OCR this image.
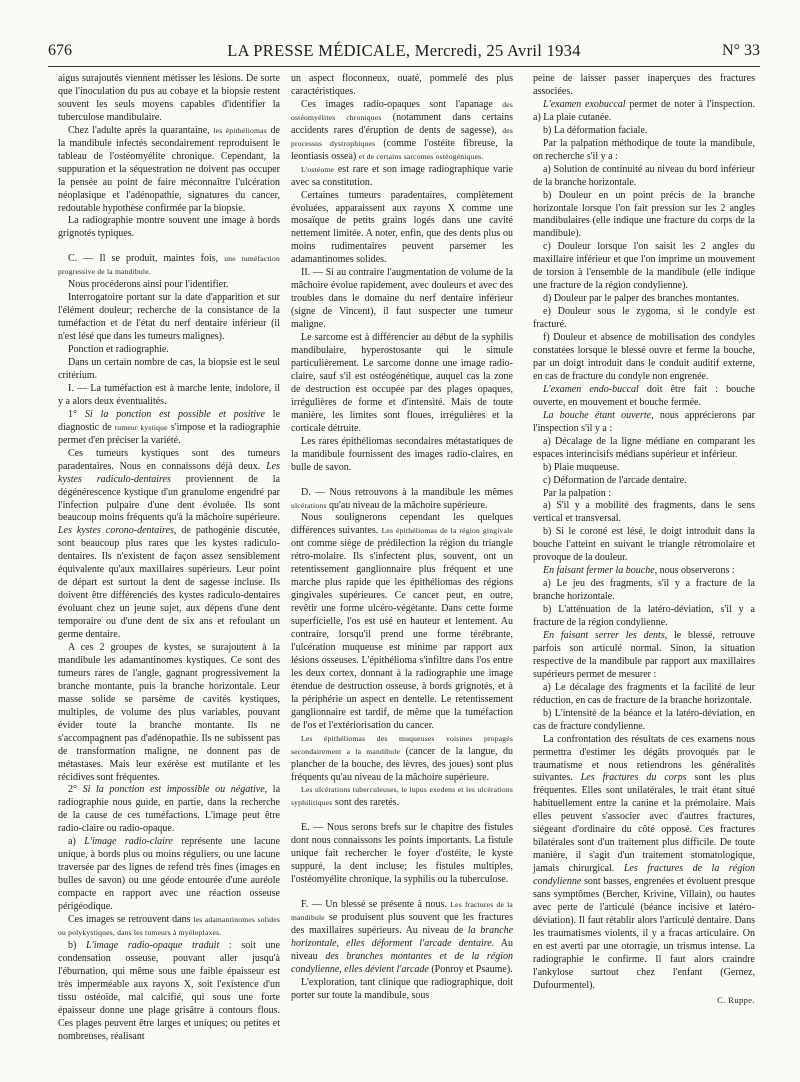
676	LA PRESSE MÉDICALE, Mercredi, 25 Avril 1934	N° 33

aigus surajoutés viennent métisser les lésions. De sorte que l'inoculation du pus au cobaye et la biopsie restent souvent les seuls moyens capables d'identifier la tuberculose mandibulaire.

Chez l'adulte après la quarantaine, les épithéliomas de la mandibule infectés secondairement reproduisent le tableau de l'ostéomyélite chronique. Cependant, la suppuration et la séquestration ne doivent pas occuper la pensée au point de faire méconnaître l'ulcération néoplasique et l'adénopathie, signatures du cancer, redoutable hypothèse confirmée par la biopsie.

La radiographie montre souvent une image à bords grignotés typiques.

C. — Il se produit, maintes fois, une tuméfaction progressive de la mandibule.

Nous procéderons ainsi pour l'identifier.

Interrogatoire portant sur la date d'apparition et sur l'élément douleur; recherche de la consistance de la tuméfaction et de l'état du nerf dentaire inférieur (il n'est lésé que dans les tumeurs malignes).

Ponction et radiographie.

Dans un certain nombre de cas, la biopsie est le seul critérium.

I. — La tuméfaction est à marche lente, indolore, il y a alors deux éventualités.

1° Si la ponction est possible et positive le diagnostic de tumeur kystique s'impose et la radiographie permet d'en préciser la variété.

Ces tumeurs kystiques sont des tumeurs paradentaires. Nous en connaissons déjà deux. Les kystes radiculo-dentaires proviennent de la dégénérescence kystique d'un granulome engendré par l'infection pulpaire d'une dent évoluée. Ils sont beaucoup moins fréquents qu'à la mâchoire supérieure. Les kystes corono-dentaires, de pathogénie discutée, sont beaucoup plus rares que les kystes radiculo-dentaires. Ils n'existent de façon assez sensiblement équivalente qu'aux maxillaires supérieurs. Leur point de départ est surtout la dent de sagesse incluse. Ils doivent être différenciés des kystes radiculo-dentaires évoluant chez un jeune sujet, aux dépens d'une dent temporaire ou d'une dent de six ans et refoulant un germe dentaire.

A ces 2 groupes de kystes, se surajoutent à la mandibule les adamantinomes kystiques. Ce sont des tumeurs rares de l'angle, gagnant progressivement la branche montante, puis la branche horizontale. Leur masse solide se parsème de cavités kystiques, multiples, de volume des plus variables, pouvant évider toute la branche montante. Ils ne s'accompagnent pas d'adénopathie. Ils ne subissent pas de transformation maligne, ne donnent pas de métastases. Mais leur exérèse est mutilante et les récidives sont fréquentes.

2° Si la ponction est impossible ou négative, la radiographie nous guide, en partie, dans la recherche de la cause de ces tuméfactions. L'image peut être radio-claire ou radio-opaque.

a) L'image radio-claire représente une lacune unique, à bords plus ou moins réguliers, ou une lacune traversée par des lignes de refend très fines (images en bulles de savon) ou une géode entourée d'une auréole compacte en rapport avec une réaction osseuse périgéodique.

Ces images se retrouvent dans les adamantinomes solides ou polykystiques, dans les tumeurs à myéloplaxes.

b) L'image radio-opaque traduit : soit une condensation osseuse, pouvant aller jusqu'à l'éburnation, qui même sous une faible épaisseur est très imperméable aux rayons X, soit l'existence d'un tissu ostéoïde, mal calcifié, qui sous une forte épaisseur donne une plage grisâtre à contours flous. Ces plages peuvent être larges et uniques; ou petites et nombreuses, réalisant

un aspect floconneux, ouaté, pommelé des plus caractéristiques.

Ces images radio-opaques sont l'apanage des ostéomyélites chroniques (notamment dans certains accidents rares d'éruption de dents de sagesse), des processus dystrophiques (comme l'ostéite fibreuse, la leontiasis ossea) et de certains sarcomes ostéogéniques.

L'ostéome est rare et son image radiographique varie avec sa constitution.

Certaines tumeurs paradentaires, complètement évoluées, apparaissent aux rayons X comme une mosaïque de petits grains logés dans une cavité nettement limitée. A noter, enfin, que des dents plus ou moins rudimentaires peuvent parsemer les adamantinomes solides.

II. — Si au contraire l'augmentation de volume de la mâchoire évolue rapidement, avec douleurs et avec des troubles dans le domaine du nerf dentaire inférieur (signe de Vincent), il faut suspecter une tumeur maligne.

Le sarcome est à différencier au début de la syphilis mandibulaire, hyperostosante qui le simule particulièrement. Le sarcome donne une image radio-claire, sauf s'il est ostéogénétique, auquel cas la zone de destruction est occupée par des plages opaques, irrégulières de forme et d'intensité. Mais de toute manière, les limites sont floues, irrégulières et la corticale détruite.

Les rares épithéliomas secondaires métastatiques de la mandibule fournissent des images radio-claires, en bulle de savon.

D. — Nous retrouvons à la mandibule les mêmes ulcérations qu'au niveau de la mâchoire supérieure.

Nous soulignerons cependant les quelques différences suivantes. Les épithéliomas de la région gingivale ont comme siège de prédilection la région du triangle rétro-molaire. Ils s'infectent plus, souvent, ont un retentissement ganglionnaire plus fréquent et une marche plus rapide que les épithéliomas des régions gingivales supérieures. Ce cancer peut, en outre, revêtir une forme ulcéro-végétante. Dans cette forme superficielle, l'os est usé en hauteur et lentement. Au contraire, lorsqu'il prend une forme térébrante, l'ulcération muqueuse est minime par rapport aux lésions osseuses. L'épithélioma s'infiltre dans l'os entre les deux cortex, donnant à la radiographie une image étendue de destruction osseuse, à bords grignotés, et à la périphérie un aspect en dentelle. Le retentissement ganglionnaire est tardif, de même que la tuméfaction de l'os et l'extériorisation du cancer.

Les épithéliomas des muqueuses voisines propagés secondairement a la mandibule (cancer de la langue, du plancher de la bouche, des lèvres, des joues) sont plus fréquents qu'au niveau de la mâchoire supérieure.

Les ulcérations tuberculeuses, le lupus exedens et les ulcérations syphilitiques sont des raretés.

E. — Nous serons brefs sur le chapitre des fistules dont nous connaissons les points importants. La fistule unique fait rechercher le foyer d'ostéite, le kyste suppuré, la dent incluse; les fistules multiples, l'ostéomyélite chronique, la syphilis ou la tuberculose.

F. — Un blessé se présente à nous. Les fractures de la mandibule se produisent plus souvent que les fractures des maxillaires supérieurs. Au niveau de la branche horizontale, elles déforment l'arcade dentaire. Au niveau des branches montantes et de la région condylienne, elles dévient l'arcade (Ponroy et Psaume).

L'exploration, tant clinique que radiographique, doit porter sur toute la mandibule, sous

peine de laisser passer inaperçues des fractures associées.

L'examen exobuccal permet de noter à l'inspection. a) La plaie cutanée.

b) La déformation faciale.

Par la palpation méthodique de toute la mandibule, on recherche s'il y a :

a) Solution de continuité au niveau du bord inférieur de la branche horizontale.

b) Douleur en un point précis de la branche horizontale lorsque l'on fait pression sur les 2 angles mandibulaires (elle indique une fracture du corps de la mandibule).

c) Douleur lorsque l'on saisit les 2 angles du maxillaire inférieur et que l'on imprime un mouvement de torsion à l'ensemble de la mandibule (elle indique une fracture de la région condylienne).

d) Douleur par le palper des branches montantes.

e) Douleur sous le zygoma, si le condyle est fracturé.

f) Douleur et absence de mobilisation des condyles constatées lorsque le blessé ouvre et ferme la bouche, par un doigt introduit dans le conduit auditif externe, en cas de fracture du condyle non engrenée.

L'examen endo-buccal doit être fait : bouche ouverte, en mouvement et bouche fermée.

La bouche étant ouverte, nous apprécierons par l'inspection s'il y a :

a) Décalage de la ligne médiane en comparant les espaces interincisifs médians supérieur et inférieur.

b) Plaie muqueuse.

c) Déformation de l'arcade dentaire.

Par la palpation :

a) S'il y a mobilité des fragments, dans le sens vertical et transversal.

b) Si le coroné est lésé, le doigt introduit dans la bouche l'atteint en suivant le triangle rétromolaire et provoque de la douleur.

En faisant fermer la bouche, nous observerons :

a) Le jeu des fragments, s'il y a fracture de la branche horizontale.

b) L'atténuation de la latéro-déviation, s'il y a fracture de la région condylienne.

En faisant serrer les dents, le blessé, retrouve parfois son articulé normal. Sinon, la situation respective de la mandibule par rapport aux maxillaires supérieurs permet de mesurer :

a) Le décalage des fragments et la facilité de leur réduction, en cas de fracture de la branche horizontale.

b) L'intensité de la béance et la latéro-déviation, en cas de fracture condylienne.

La confrontation des résultats de ces examens nous permettra d'estimer les dégâts provoqués par le traumatisme et nous retiendrons les généralités suivantes. Les fractures du corps sont les plus fréquentes. Elles sont unilatérales, le trait étant situé habituellement entre la canine et la prémolaire. Mais elles peuvent s'associer avec d'autres fractures, siégeant d'ordinaire du côté opposé. Ces fractures bilatérales sont d'un traitement plus difficile. De toute manière, il s'agit d'un traitement stomatologique, jamais chirurgical. Les fractures de la région condylienne sont basses, engrenées et évoluent presque sans symptômes (Bercher, Krivine, Villain), ou hautes avec perte de l'articulé (béance incisive et latéro-déviation). Il faut rétablir alors l'articulé dentaire. Dans les traumatismes violents, il y a fracas articulaire. On en est averti par une otorragie, un trismus intense. La radiographie le confirme. Il faut alors craindre l'ankylose surtout chez l'enfant (Gernez, Dufourmentel).

C. Ruppe.
